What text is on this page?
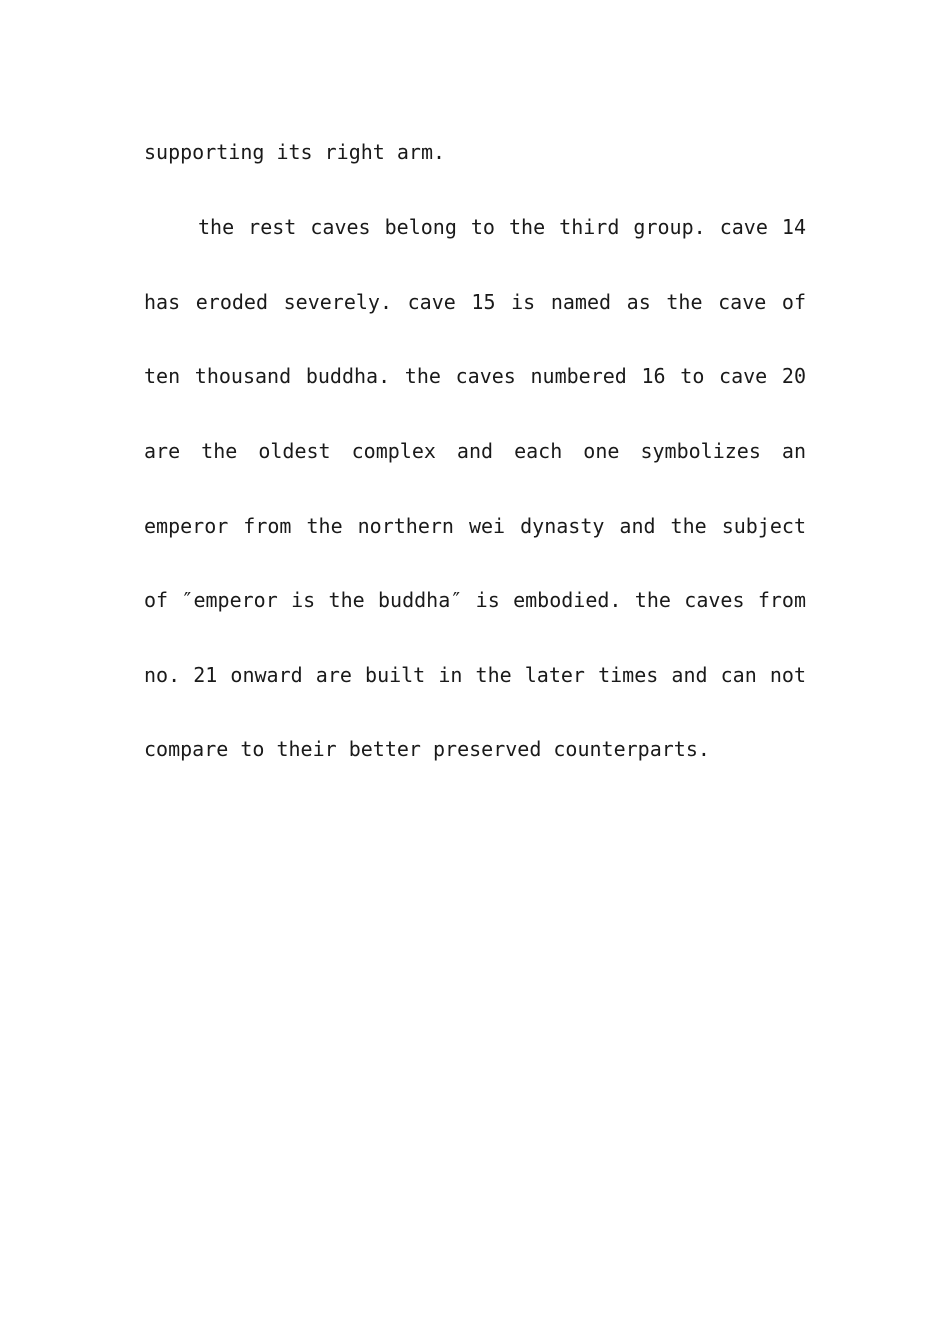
supporting its right arm.
the rest caves belong to the third group. cave 14
has eroded severely. cave 15 is named as the cave of
ten thousand buddha. the caves numbered 16 to cave 20
are the oldest complex and each one symbolizes an
emperor from the northern wei dynasty and the subject
of ″emperor is the buddha″ is embodied. the caves from
no. 21 onward are built in the later times and can not
compare to their better preserved counterparts.
